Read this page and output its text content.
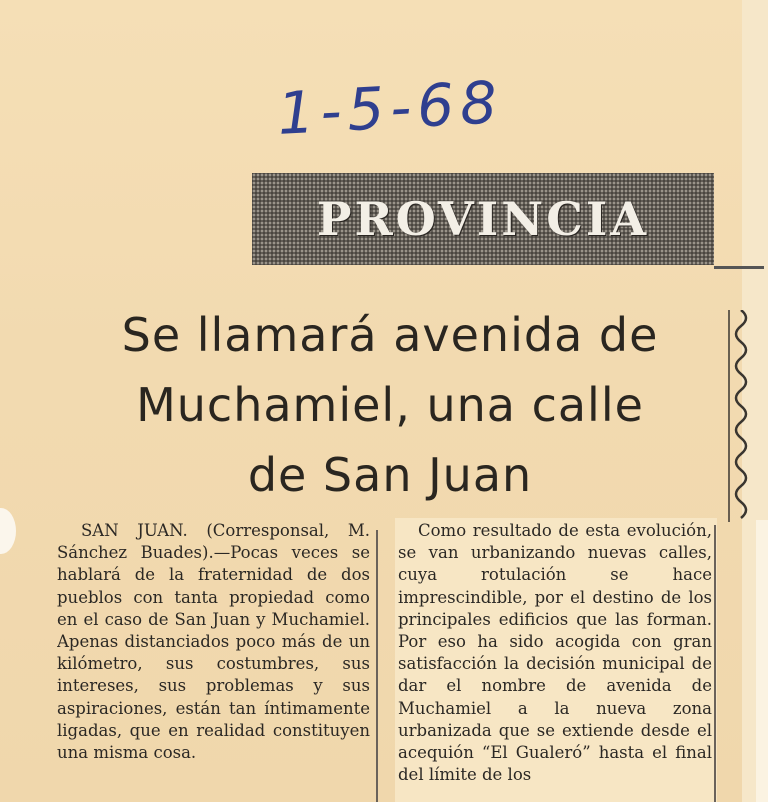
1-5-68
PROVINCIA
Se llamará avenida de
Muchamiel, una calle
de San Juan

SAN JUAN. (Corresponsal, M. Sánchez Buades).—Pocas veces se hablará de la fraternidad de dos pueblos con tanta propiedad como en el caso de San Juan y Muchamiel. Apenas distanciados poco más de un kilómetro, sus costumbres, sus intereses, sus problemas y sus aspiraciones, están tan íntimamente ligadas, que en realidad constituyen una misma cosa.

Como resultado de esta evolución, se van urbanizando nuevas calles, cuya rotulación se hace imprescindible, por el destino de los principales edificios que las forman. Por eso ha sido acogida con gran satisfacción la decisión municipal de dar el nombre de avenida de Muchamiel a la nueva zona urbanizada que se extiende desde el acequión “El Gualeró” hasta el final del límite de los
